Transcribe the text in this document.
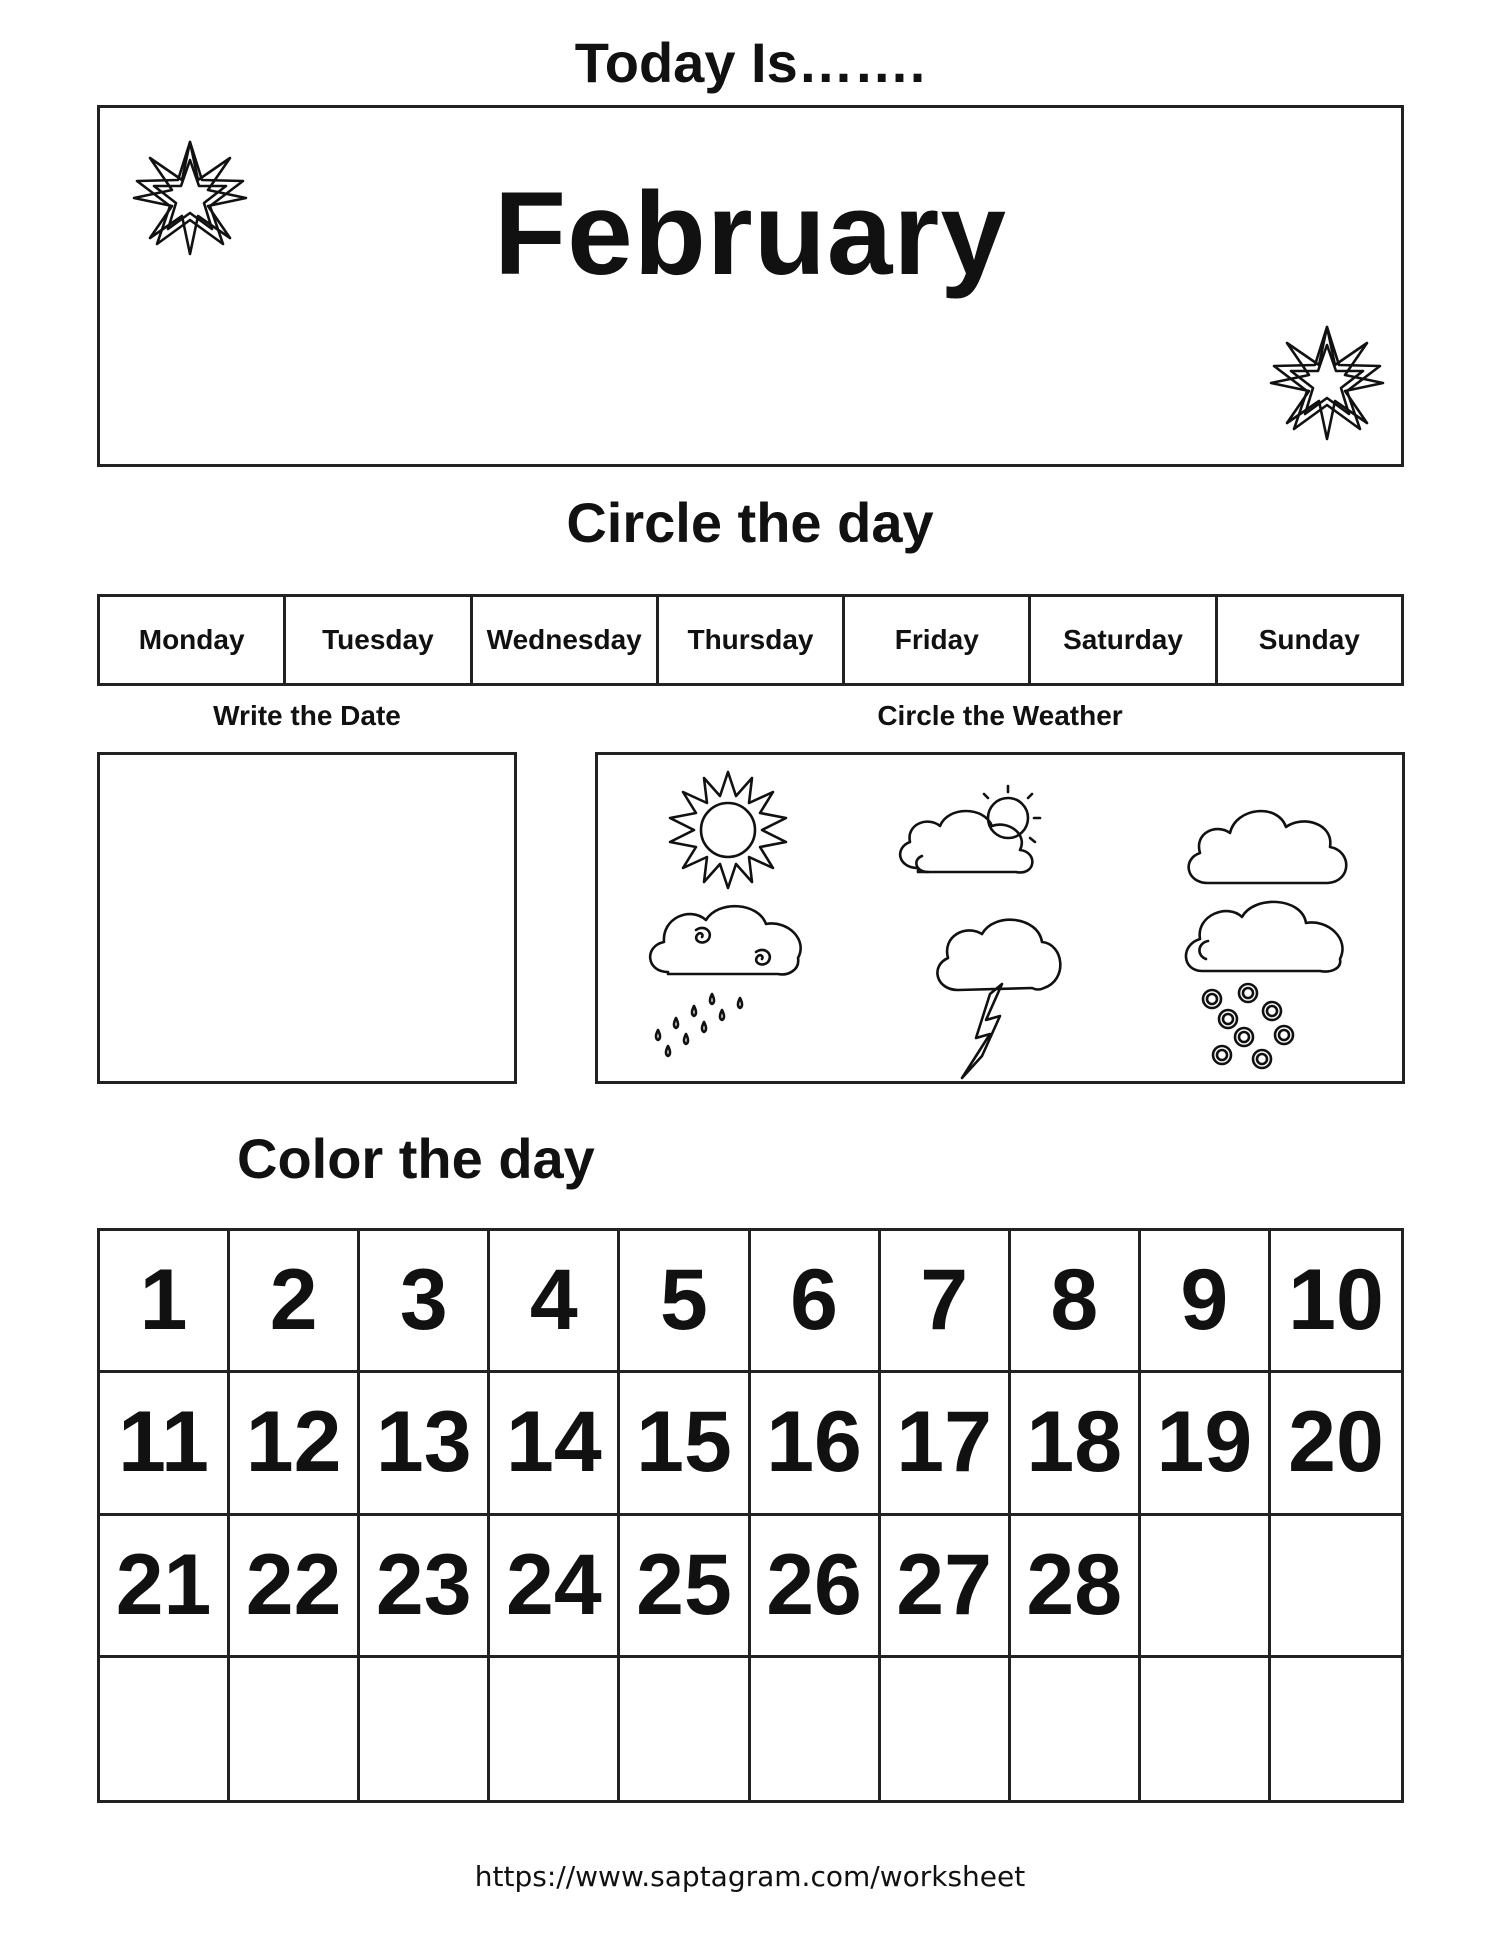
Today Is…….
February
Circle the day
Monday	Tuesday	Wednesday	Thursday	Friday	Saturday	Sunday
Write the Date	Circle the Weather
Color the day
1 2 3 4 5 6 7 8 9 10
11 12 13 14 15 16 17 18 19 20
21 22 23 24 25 26 27 28
https://www.saptagram.com/worksheet
